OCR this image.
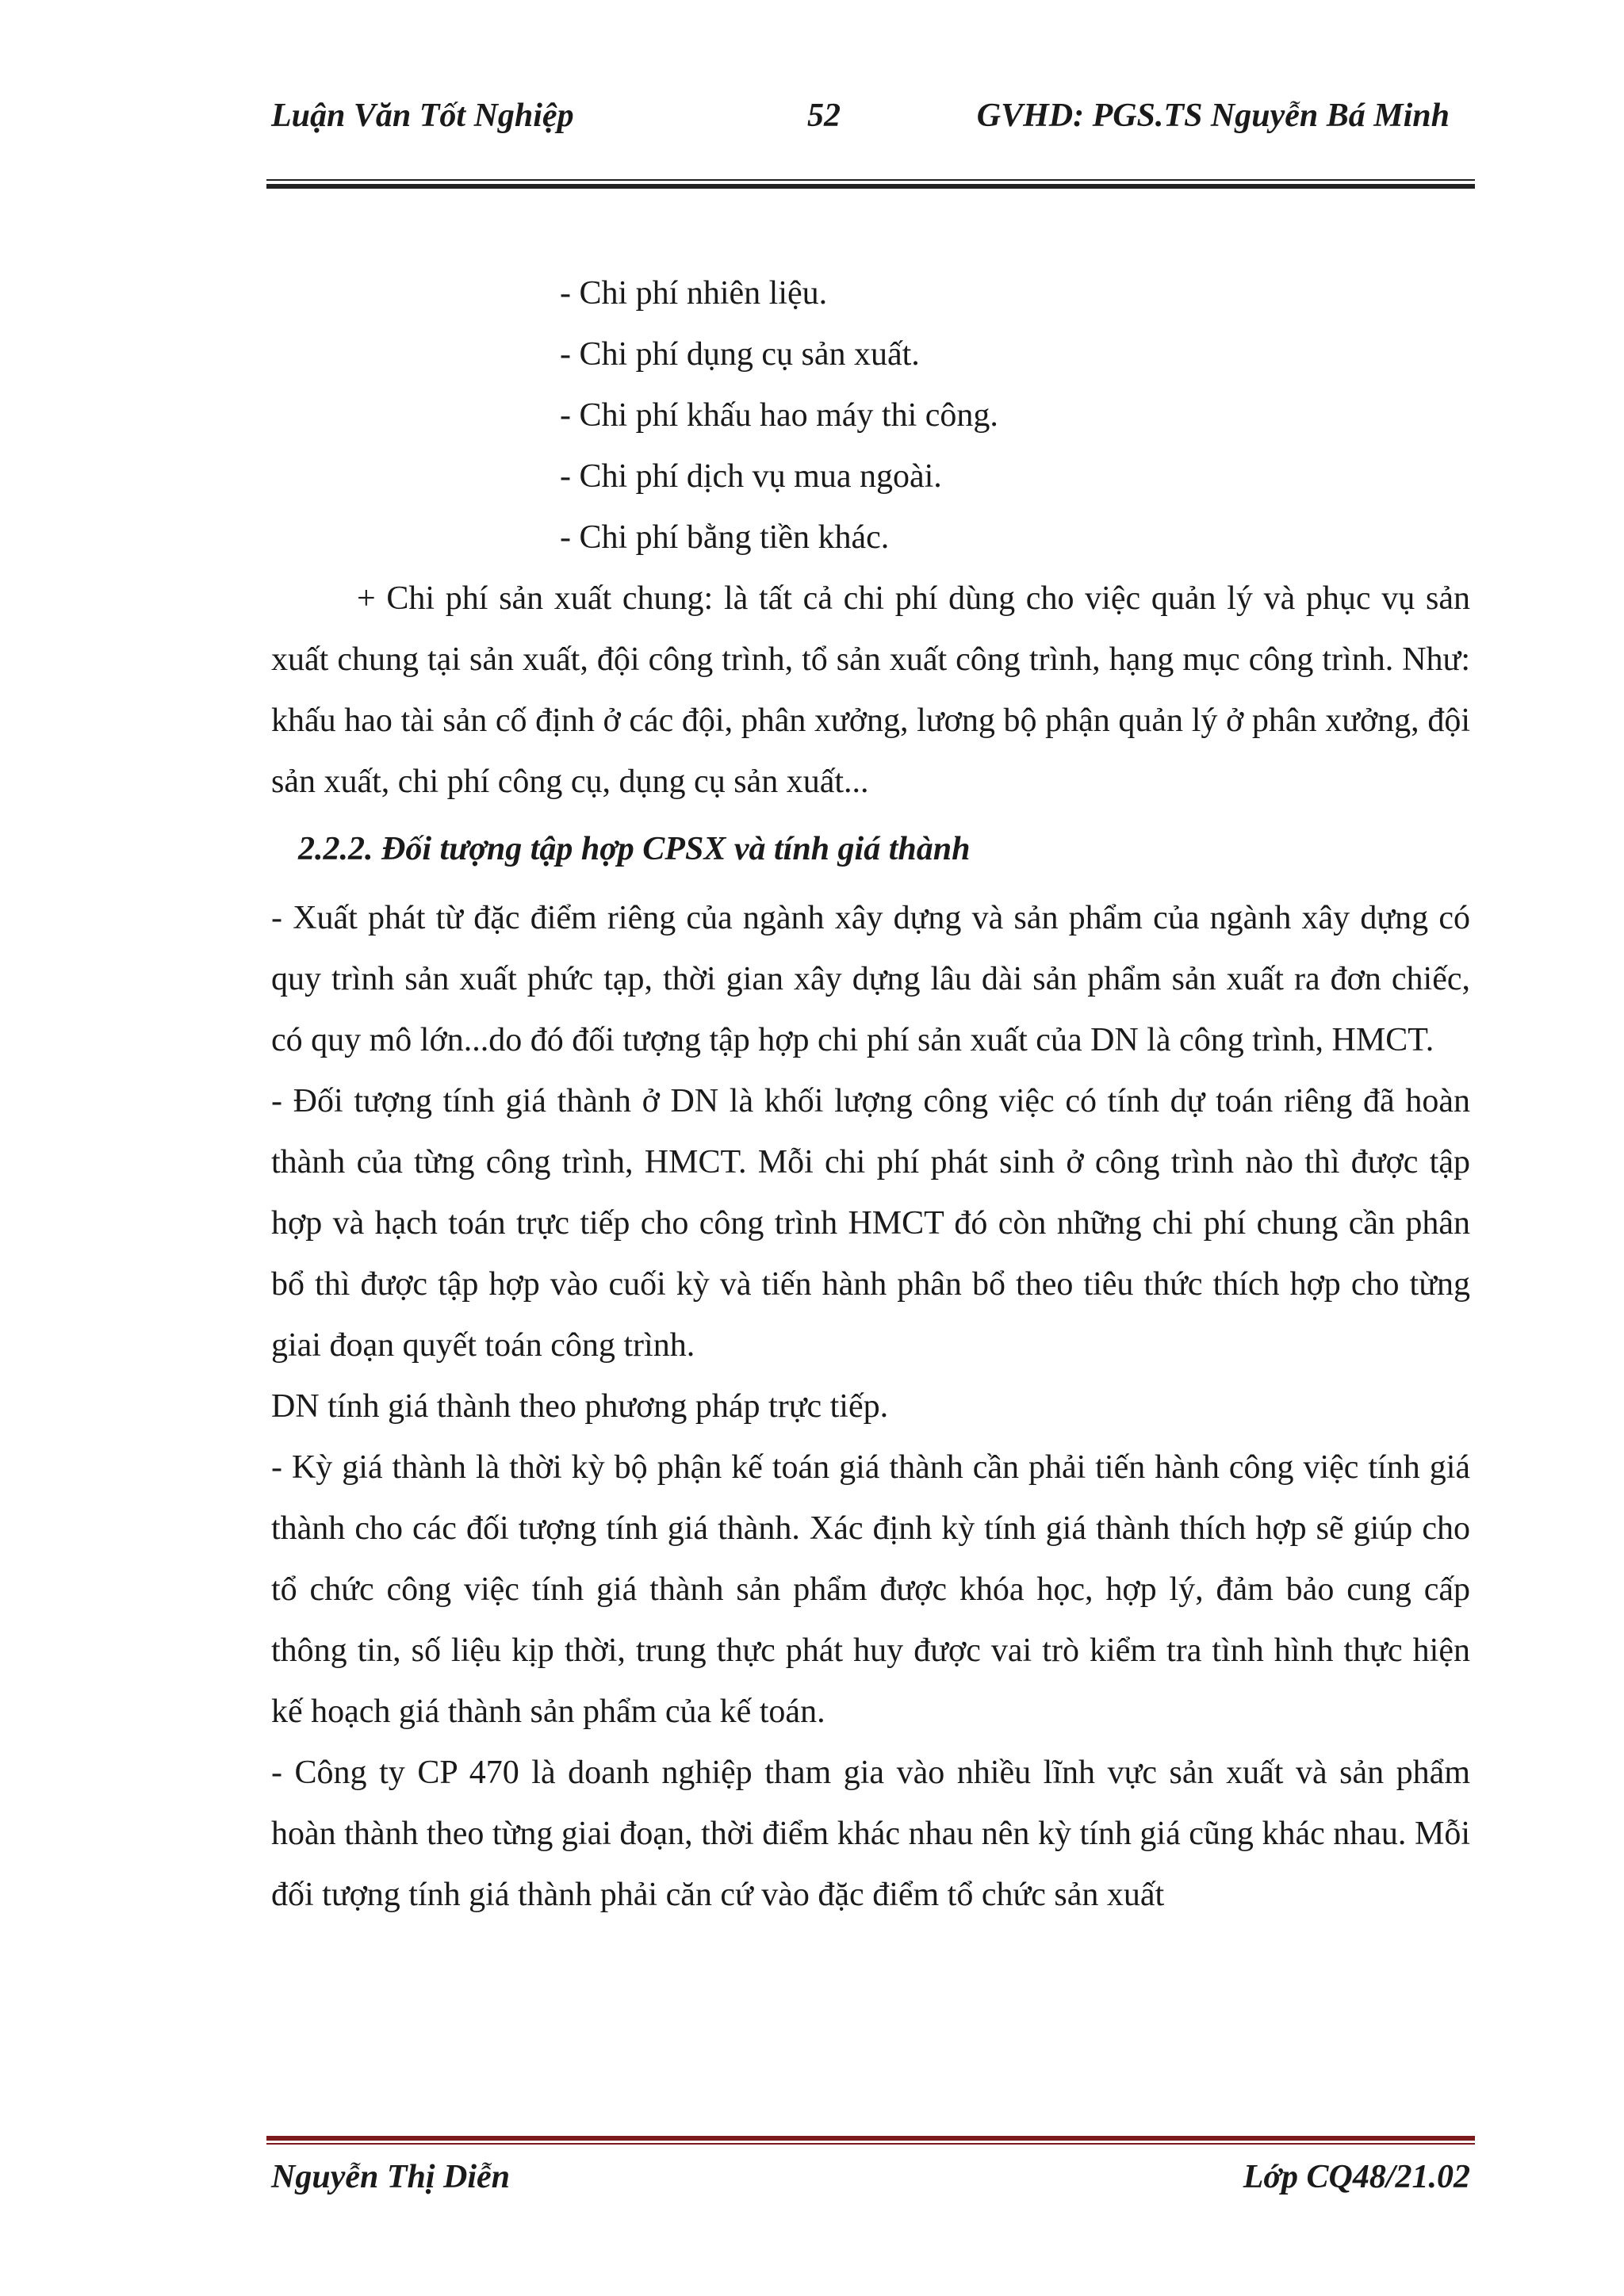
Luận Văn Tốt Nghiệp	52	GVHD: PGS.TS Nguyễn Bá Minh

- Chi phí nhiên liệu.

- Chi phí dụng cụ sản xuất.

- Chi phí khấu hao máy thi công.

- Chi phí dịch vụ mua ngoài.

- Chi phí bằng tiền khác.

+ Chi phí sản xuất chung: là tất cả chi phí dùng cho việc quản lý và phục vụ sản xuất chung tại sản xuất, đội công trình, tổ sản xuất công trình, hạng mục công trình. Như: khấu hao tài sản cố định ở các đội, phân xưởng, lương bộ phận quản lý ở phân xưởng, đội sản xuất, chi phí công cụ, dụng cụ sản xuất...

2.2.2. Đối tượng tập hợp CPSX và tính giá thành

- Xuất phát từ đặc điểm riêng của ngành xây dựng và sản phẩm của ngành xây dựng có quy trình sản xuất phức tạp, thời gian xây dựng lâu dài sản phẩm sản xuất ra đơn chiếc, có quy mô lớn...do đó đối tượng tập hợp chi phí sản xuất của DN là công trình, HMCT.

- Đối tượng tính giá thành ở DN là khối lượng công việc có tính dự toán riêng đã hoàn thành của từng công trình, HMCT. Mỗi chi phí phát sinh ở công trình nào thì được tập hợp và hạch toán trực tiếp cho công trình HMCT đó còn những chi phí chung cần phân bổ thì được tập hợp vào cuối kỳ và tiến hành phân bổ theo tiêu thức thích hợp cho từng giai đoạn quyết toán công trình.

DN tính giá thành theo phương pháp trực tiếp.

- Kỳ giá thành là thời kỳ bộ phận kế toán giá thành cần phải tiến hành công việc tính giá thành cho các đối tượng tính giá thành. Xác định kỳ tính giá thành thích hợp sẽ giúp cho tổ chức công việc tính giá thành sản phẩm được khóa học, hợp lý, đảm bảo cung cấp thông tin, số liệu kịp thời, trung thực phát huy được vai trò kiểm tra tình hình thực hiện kế hoạch giá thành sản phẩm của kế toán.

- Công ty CP 470 là doanh nghiệp tham gia vào nhiều lĩnh vực sản xuất và sản phẩm hoàn thành theo từng giai đoạn, thời điểm khác nhau nên kỳ tính giá cũng khác nhau. Mỗi đối tượng tính giá thành phải căn cứ vào đặc điểm tổ chức sản xuất

Nguyễn Thị Diễn	Lớp CQ48/21.02
